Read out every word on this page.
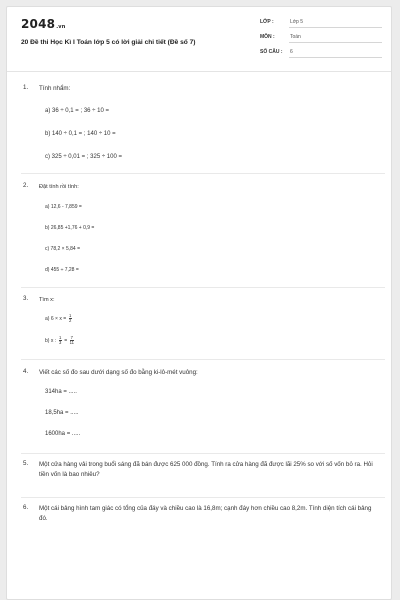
2048.vn
20 Đề thi Học Kì I Toán lớp 5 có lời giải chi tiết (Đề số 7)
LỚP :	Lớp 5
MÔN :	Toán
SỐ CÂU : 6
1. Tính nhẩm:
a) 36 ÷ 0,1 = ; 36 ÷ 10 =
b) 140 ÷ 0,1 = ; 140 ÷ 10 =
c) 325 ÷ 0,01 = ; 325 ÷ 100 =
2. Đặt tính rồi tính:
a) 12,6 - 7,859 =
b) 26,85 +1,76 + 0,9 =
c) 78,2 × 5,84 =
d) 455 ÷ 7,28 =
3. Tìm x:
a) $6 \times x = \frac{1}{2}$
b) x : $\frac{1}{3} = \frac{7}{11}$
4. Viết các số đo sau dưới dạng số đo bằng ki-lô-mét vuông:
314ha = .....
18,5ha = .....
1600ha = .....
5. Một cửa hàng vải trong buổi sáng đã bán được 625 000 đồng. Tính ra cửa hàng đã được lãi 25% so với số vốn bỏ ra. Hỏi tiền vốn là bao nhiêu?
6. Một cái bảng hình tam giác có tổng của đáy và chiều cao là 16,8m; cạnh đáy hơn chiều cao 8,2m. Tính diện tích cái bảng đó.
